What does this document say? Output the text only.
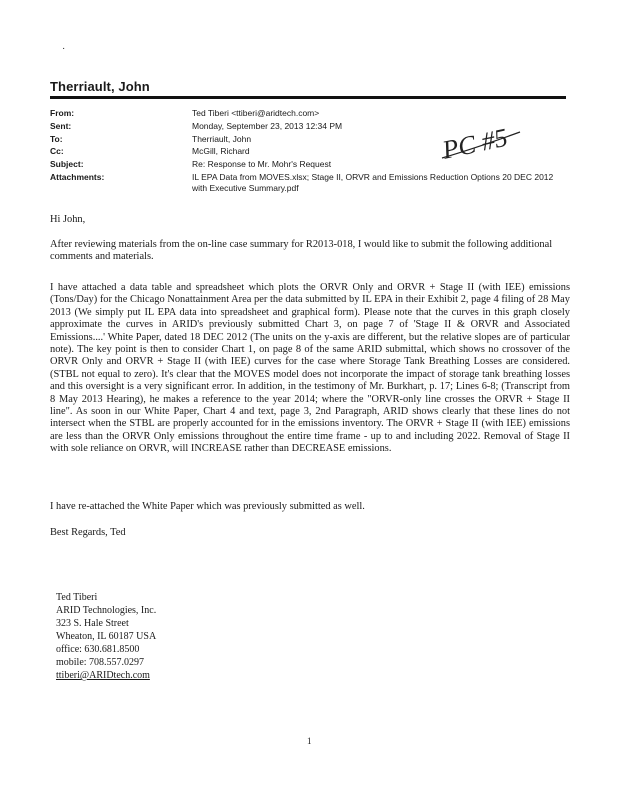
·
Therriault, John
From:	Ted Tiberi <ttiberi@aridtech.com>
Sent:	Monday, September 23, 2013 12:34 PM
To:	Therriault, John
Cc:	McGill, Richard
Subject:	Re: Response to Mr. Mohr's Request
Attachments:	IL EPA Data from MOVES.xlsx; Stage II, ORVR and Emissions Reduction Options 20 DEC 2012 with Executive Summary.pdf
PC #5
Hi John,
After reviewing materials from the on-line case summary for R2013-018, I would like to submit the following additional comments and materials.
I have attached a data table and spreadsheet which plots the ORVR Only and ORVR + Stage II (with IEE) emissions (Tons/Day) for the Chicago Nonattainment Area per the data submitted by IL EPA in their Exhibit 2, page 4 filing of 28 May 2013 (We simply put IL EPA data into spreadsheet and graphical form). Please note that the curves in this graph closely approximate the curves in ARID's previously submitted Chart 3, on page 7 of 'Stage II & ORVR and Associated Emissions....' White Paper, dated 18 DEC 2012 (The units on the y-axis are different, but the relative slopes are of particular note). The key point is then to consider Chart 1, on page 8 of the same ARID submittal, which shows no crossover of the ORVR Only and ORVR + Stage II (with IEE) curves for the case where Storage Tank Breathing Losses are considered. (STBL not equal to zero). It's clear that the MOVES model does not incorporate the impact of storage tank breathing losses and this oversight is a very significant error. In addition, in the testimony of Mr. Burkhart, p. 17; Lines 6-8; (Transcript from 8 May 2013 Hearing), he makes a reference to the year 2014; where the "ORVR-only line crosses the ORVR + Stage II line". As soon in our White Paper, Chart 4 and text, page 3, 2nd Paragraph, ARID shows clearly that these lines do not intersect when the STBL are properly accounted for in the emissions inventory. The ORVR + Stage II (with IEE) emissions are less than the ORVR Only emissions throughout the entire time frame - up to and including 2022. Removal of Stage II with sole reliance on ORVR, will INCREASE rather than DECREASE emissions.
I have re-attached the White Paper which was previously submitted as well.
Best Regards, Ted
Ted Tiberi
ARID Technologies, Inc.
323 S. Hale Street
Wheaton, IL 60187 USA
office: 630.681.8500
mobile: 708.557.0297
ttiberi@ARIDtech.com
1
